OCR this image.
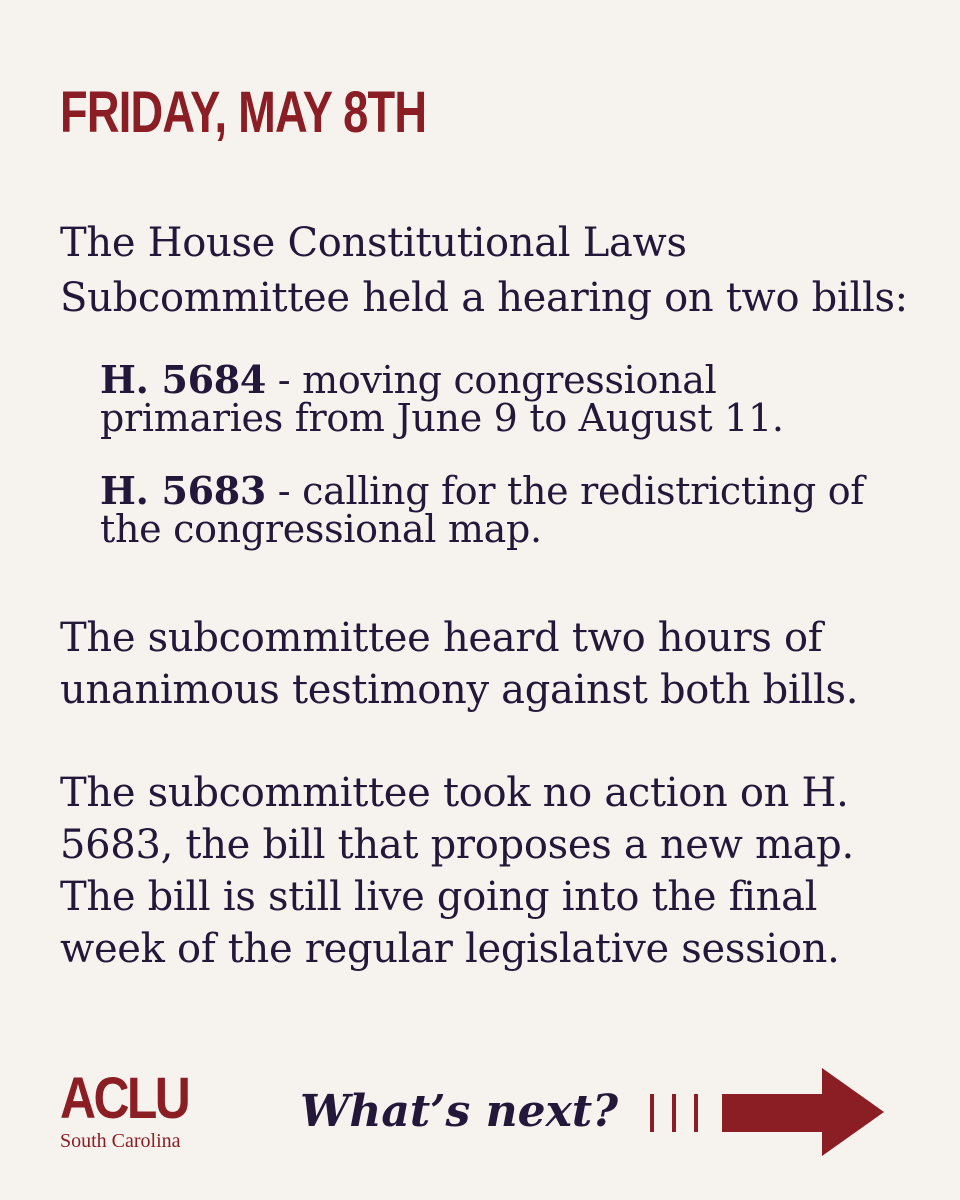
FRIDAY, MAY 8TH

The House Constitutional Laws Subcommittee held a hearing on two bills:

H. 5684 - moving congressional primaries from June 9 to August 11.

H. 5683 - calling for the redistricting of the congressional map.

The subcommittee heard two hours of unanimous testimony against both bills.

The subcommittee took no action on H. 5683, the bill that proposes a new map. The bill is still live going into the final week of the regular legislative session.

ACLU
South Carolina
What’s next?
